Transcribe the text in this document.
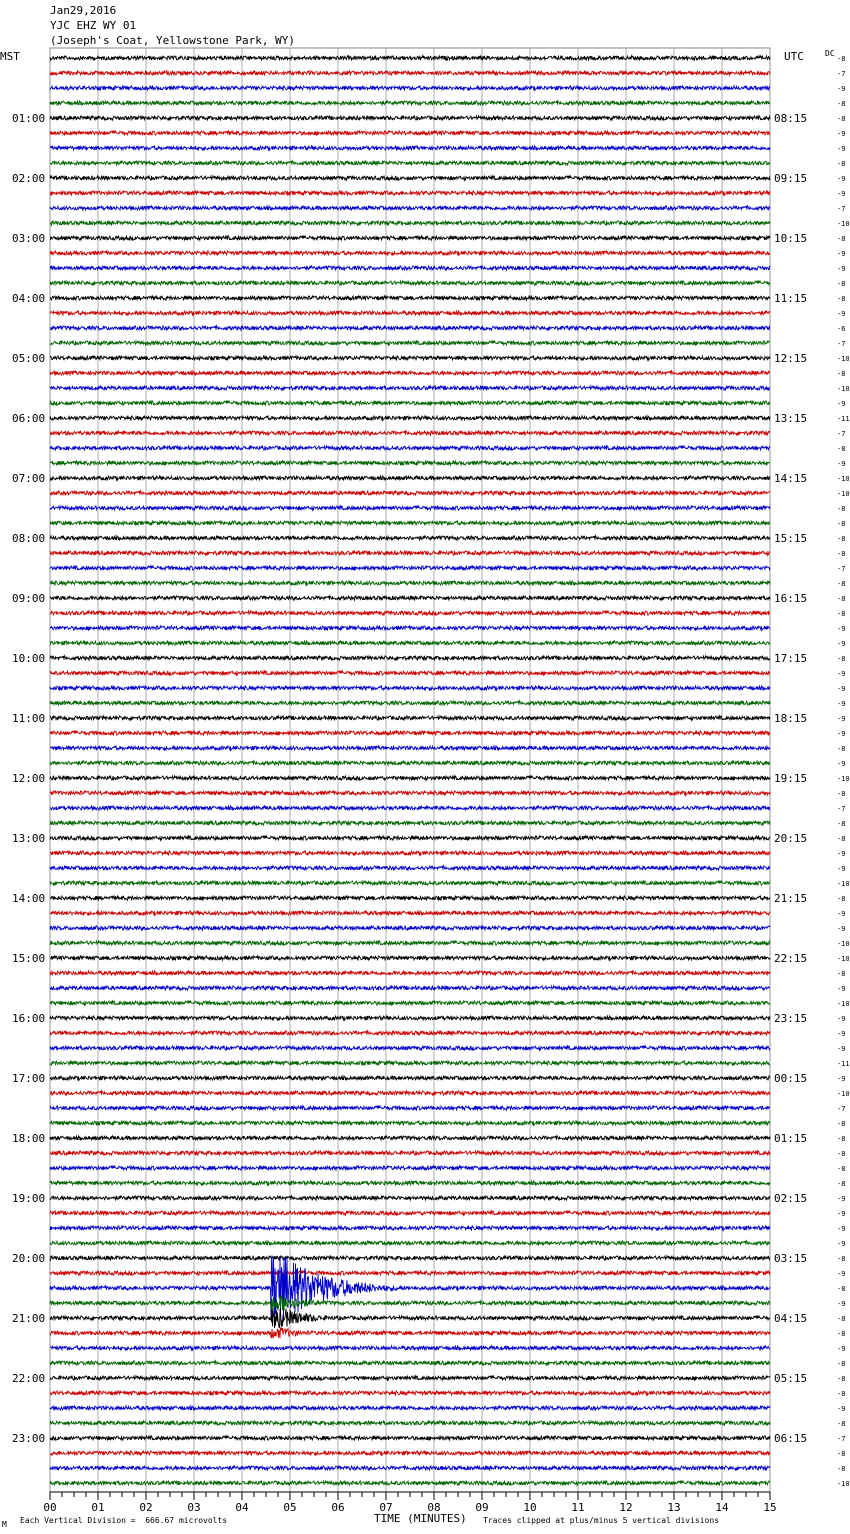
Jan29,2016
YJC EHZ WY 01
(Joseph's Coat, Yellowstone Park, WY)
MST	UTC	DC
00	01	02	03	04	05	06	07	08	09	10	11	12	13	14	15
-8
-7
-9
-8
-8
-9
-9
-8
-9
-9
-7
-10
-8
-9
-9
-8
-8
-9
-6
-7
-10
-8
-10
-9
-11
-7
-8
-9
-10
-10
-8
-8
-8
-8
-7
-8
-8
-8
-9
-9
-8
-9
-9
-9
-9
-9
-8
-9
-10
-8
-7
-8
-8
-9
-9
-10
-8
-9
-9
-10
-10
-8
-9
-10
-9
-9
-9
-11
-9
-10
-7
-8
-8
-8
-8
-8
-9
-9
-9
-9
-8
-9
-8
-9
-8
-8
-9
-8
-8
-8
-9
-8
-7
-8
-8
-10
01:00
02:00
03:00
04:00
05:00
06:00
07:00
08:00
09:00
10:00
11:00
12:00
13:00
14:00
15:00
16:00
17:00
18:00
19:00
20:00
21:00
22:00
23:00
08:15
09:15
10:15
11:15
12:15
13:15
14:15
15:15
16:15
17:15
18:15
19:15
20:15
21:15
22:15
23:15
00:15
01:15
02:15
03:15
04:15
05:15
06:15
M Each Vertical Division =  666.67 microvolts	TIME (MINUTES) Traces clipped at plus/minus 5 vertical divisions
